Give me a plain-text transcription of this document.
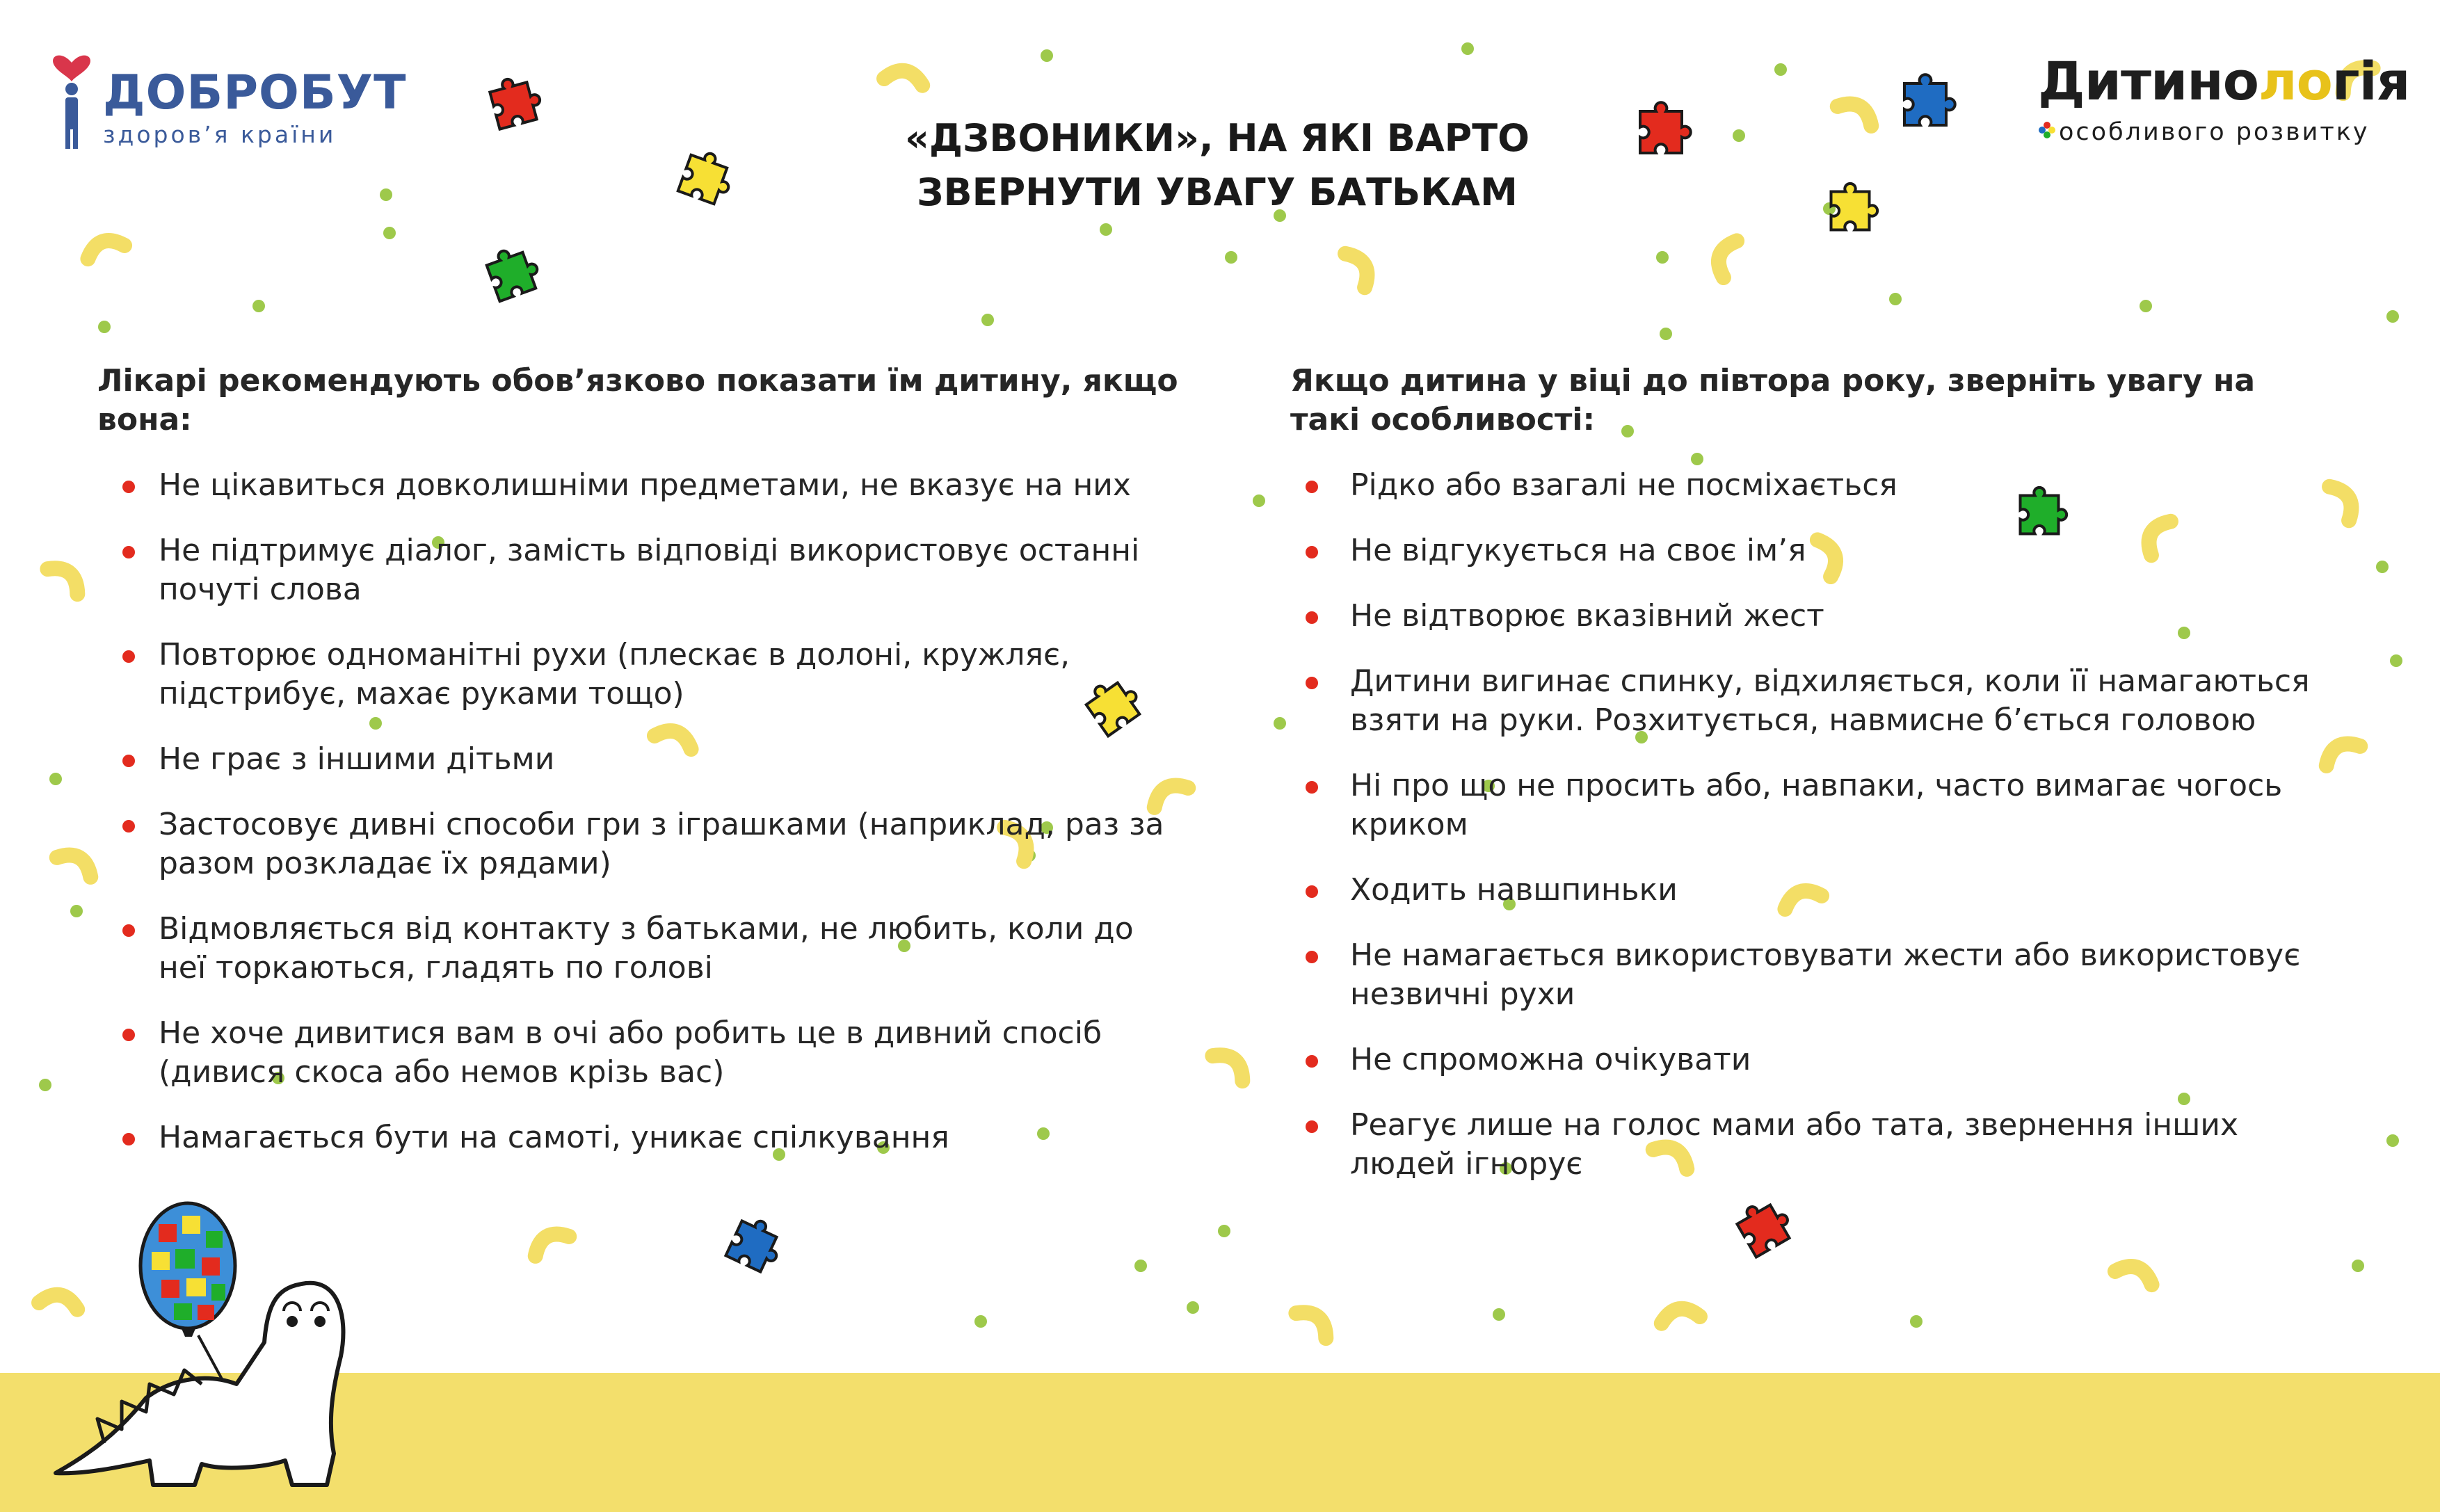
ДОБРОБУТ
здоров’я країни
Дитинологія
особливого розвитку
«ДЗВОНИКИ», НА ЯКІ ВАРТО
ЗВЕРНУТИ УВАГУ БАТЬКАМ
Лікарі рекомендують обов’язково показати їм дитину, якщо вона:
Не цікавиться довколишніми предметами, не вказує на них
Не підтримує діалог, замість відповіді використовує останні почуті слова
Повторює одноманітні рухи (плескає в долоні, кружляє, підстрибує, махає руками тощо)
Не грає з іншими дітьми
Застосовує дивні способи гри з іграшками (наприклад, раз за разом розкладає їх рядами)
Відмовляється від контакту з батьками, не любить, коли до неї торкаються, гладять по голові
Не хоче дивитися вам в очі або робить це в дивний спосіб (дивися скоса або немов крізь вас)
Намагається бути на самоті, уникає спілкування
Якщо дитина у віці до півтора року, зверніть увагу на такі особливості:
Рідко або взагалі не посміхається
Не відгукується на своє ім’я
Не відтворює вказівний жест
Дитини вигинає спинку, відхиляється, коли її намагаються взяти на руки. Розхитується, навмисне б’ється головою
Ні про що не просить або, навпаки, часто вимагає чогось криком
Ходить навшпиньки
Не намагається використовувати жести або використовує незвичні рухи
Не спроможна очікувати
Реагує лише на голос мами або тата, звернення інших людей ігнорує
